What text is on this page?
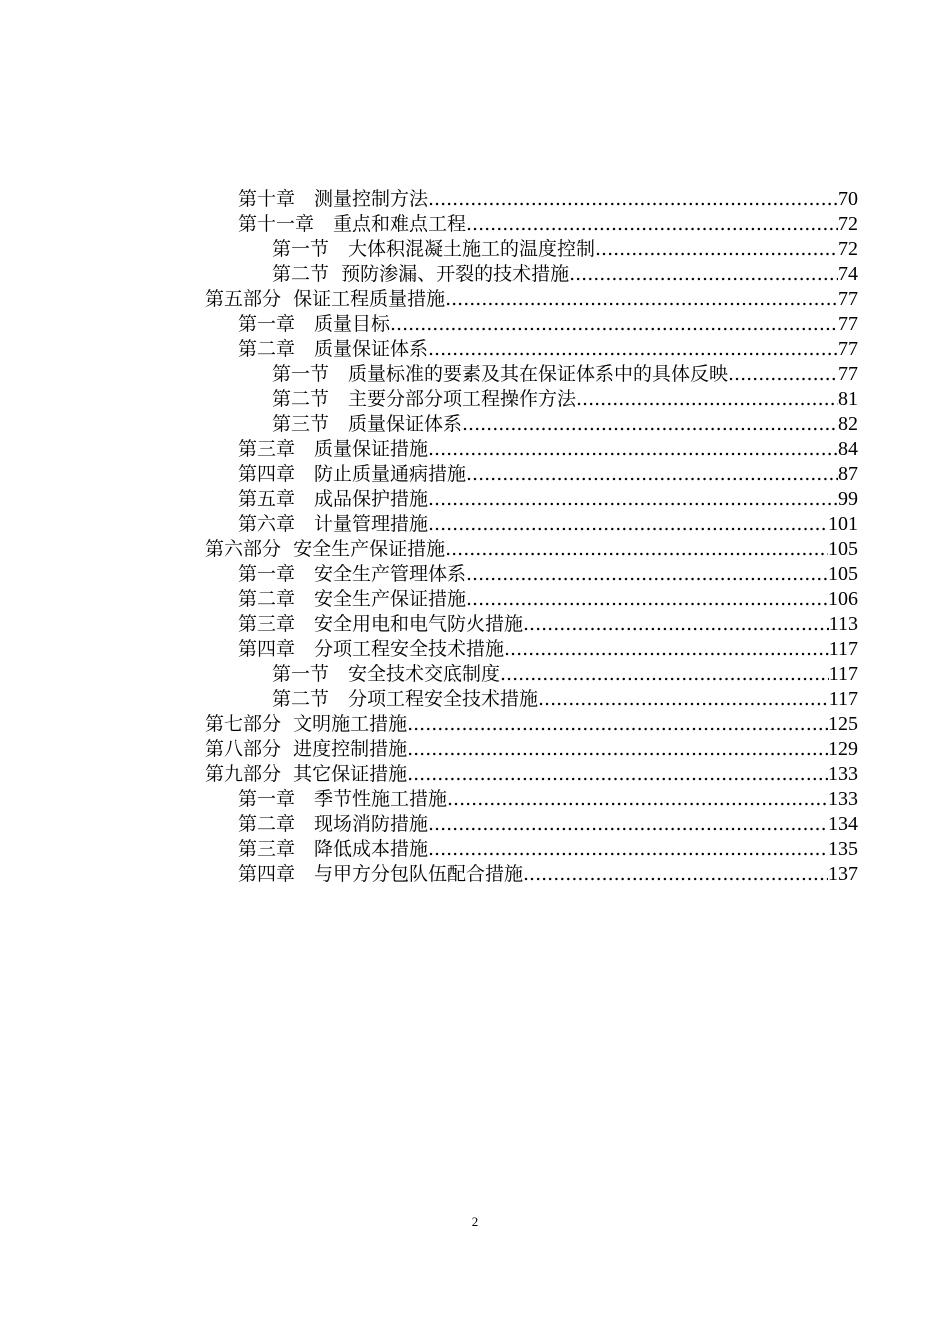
第十章　测量控制方法 .....	70
第十一章　重点和难点工程 .....	72
第一节　大体积混凝土施工的温度控制 .....	72
第二节  预防渗漏、开裂的技术措施 .....	74
第五部分  保证工程质量措施 .....	77
第一章　质量目标 .....	77
第二章　质量保证体系 .....	77
第一节　质量标准的要素及其在保证体系中的具体反映 .....	77
第二节　主要分部分项工程操作方法 .....	81
第三节　质量保证体系 .....	82
第三章　质量保证措施 .....	84
第四章　防止质量通病措施 .....	87
第五章　成品保护措施 .....	99
第六章　计量管理措施 .....	101
第六部分  安全生产保证措施 .....	105
第一章　安全生产管理体系 .....	105
第二章　安全生产保证措施 .....	106
第三章　安全用电和电气防火措施 .....	113
第四章　分项工程安全技术措施 .....	117
第一节　安全技术交底制度 .....	117
第二节　分项工程安全技术措施 .....	117
第七部分  文明施工措施 .....	125
第八部分  进度控制措施 .....	129
第九部分  其它保证措施 .....	133
第一章　季节性施工措施 .....	133
第二章　现场消防措施 .....	134
第三章　降低成本措施 .....	135
第四章　与甲方分包队伍配合措施 .....	137
2
